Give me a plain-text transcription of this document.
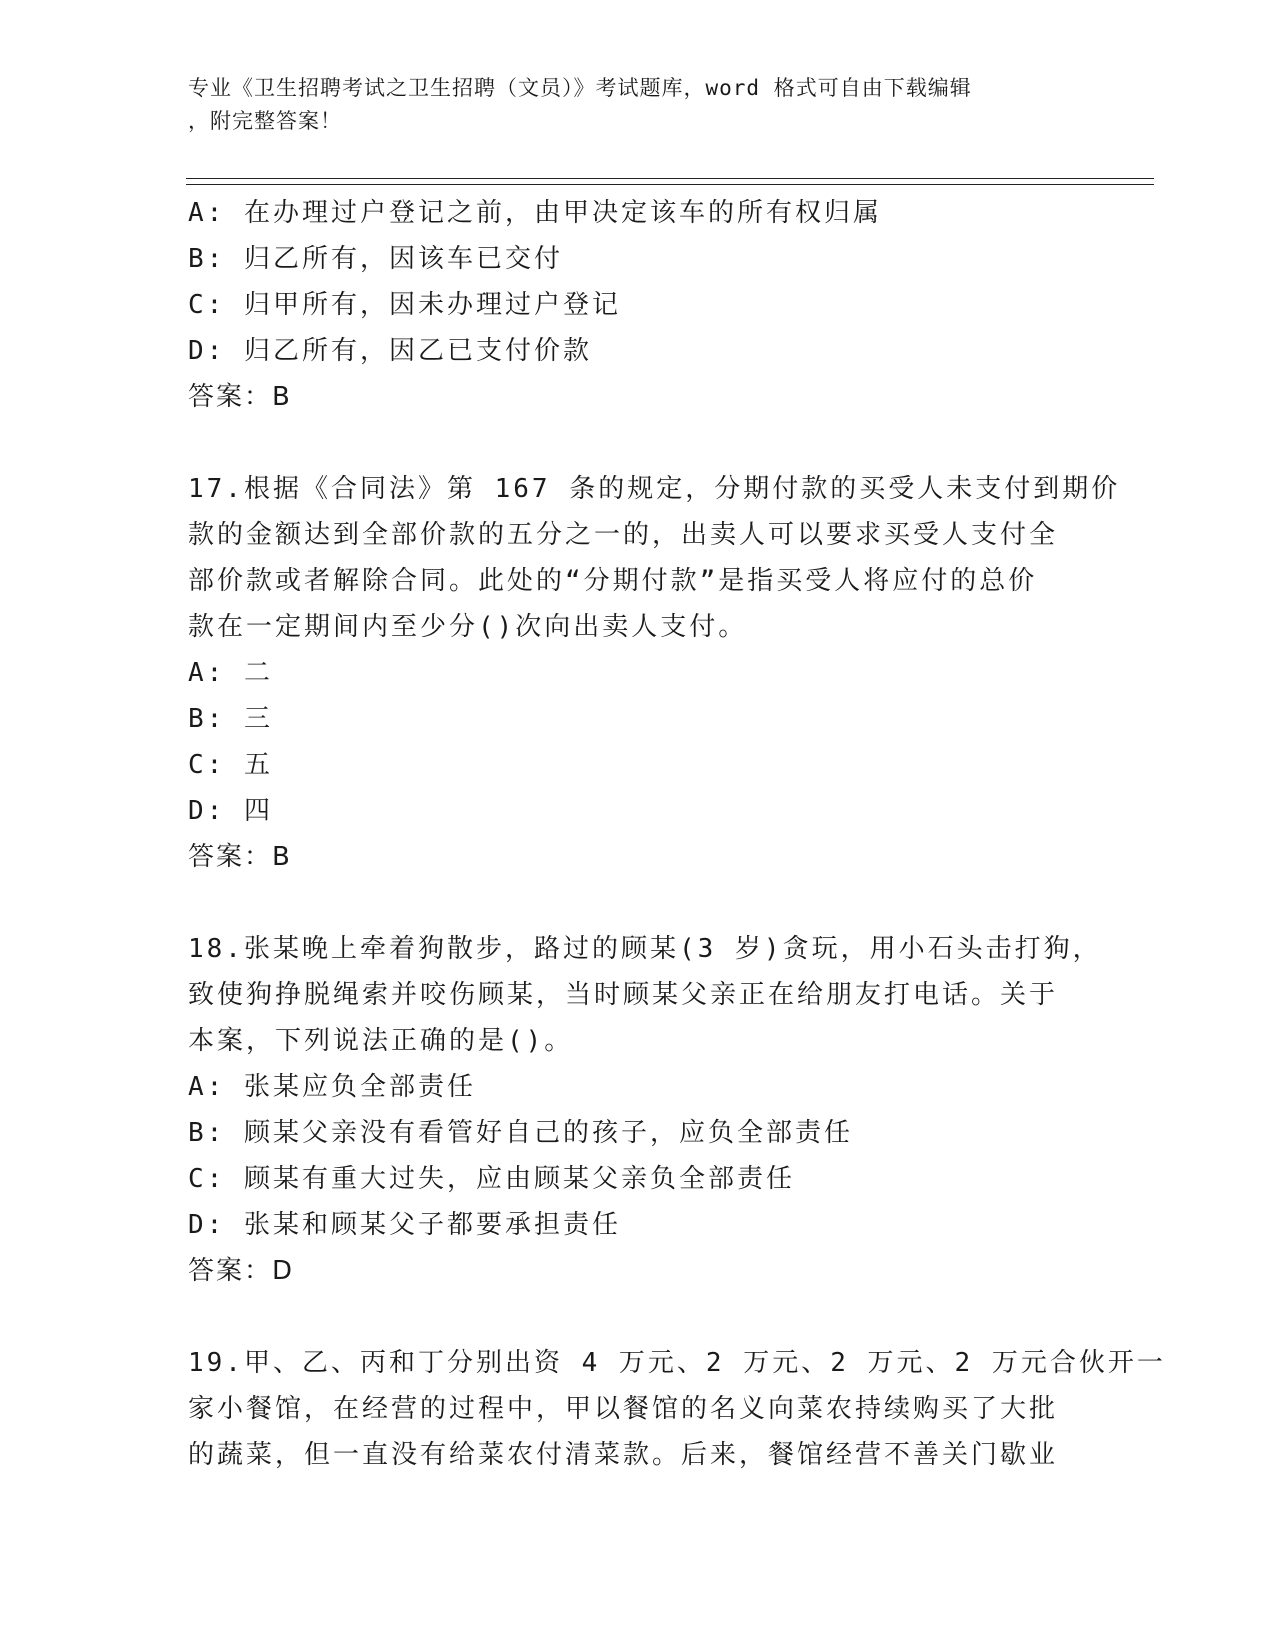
专业《卫生招聘考试之卫生招聘（文员）》考试题库，word 格式可自由下载编辑
，附完整答案！
A: 在办理过户登记之前，由甲决定该车的所有权归属
B: 归乙所有，因该车已交付
C: 归甲所有，因未办理过户登记
D: 归乙所有，因乙已支付价款
答案：B
17.根据《合同法》第 167 条的规定，分期付款的买受人未支付到期价
款的金额达到全部价款的五分之一的，出卖人可以要求买受人支付全
部价款或者解除合同。此处的“分期付款”是指买受人将应付的总价
款在一定期间内至少分()次向出卖人支付。
A: 二
B: 三
C: 五
D: 四
答案：B
18.张某晚上牵着狗散步，路过的顾某(3 岁)贪玩，用小石头击打狗，
致使狗挣脱绳索并咬伤顾某，当时顾某父亲正在给朋友打电话。关于
本案，下列说法正确的是()。
A: 张某应负全部责任
B: 顾某父亲没有看管好自己的孩子，应负全部责任
C: 顾某有重大过失，应由顾某父亲负全部责任
D: 张某和顾某父子都要承担责任
答案：D
19.甲、乙、丙和丁分别出资 4 万元、2 万元、2 万元、2 万元合伙开一
家小餐馆，在经营的过程中，甲以餐馆的名义向菜农持续购买了大批
的蔬菜，但一直没有给菜农付清菜款。后来，餐馆经营不善关门歇业
